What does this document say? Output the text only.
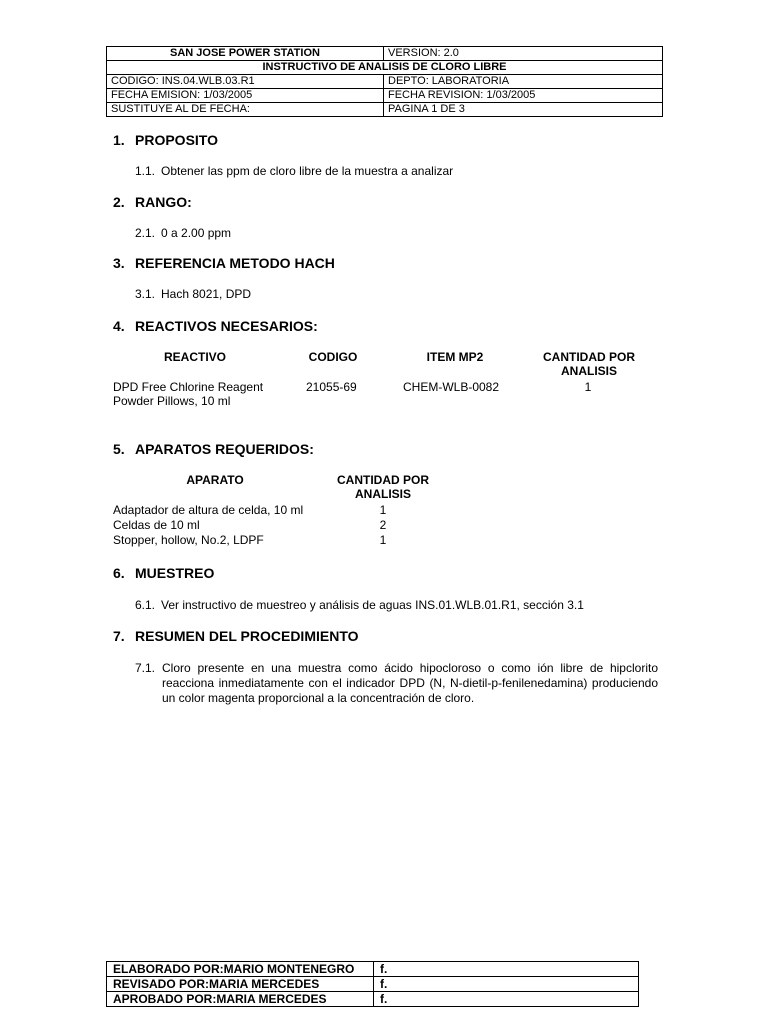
SAN JOSE POWER STATION	VERSION: 2.0
INSTRUCTIVO DE ANALISIS DE CLORO LIBRE	
CODIGO: INS.04.WLB.03.R1	DEPTO: LABORATORIA
FECHA EMISION: 1/03/2005	FECHA REVISION: 1/03/2005
SUSTITUYE AL DE FECHA:	PAGINA 1 DE 3
1. PROPOSITO
1.1. Obtener las ppm de cloro libre de la muestra a analizar
2. RANGO:
2.1. 0 a 2.00 ppm
3. REFERENCIA METODO HACH
3.1. Hach 8021, DPD
4. REACTIVOS NECESARIOS:
REACTIVO	CODIGO	ITEM MP2	CANTIDAD POR
ANALISIS
DPD Free Chlorine Reagent
Powder Pillows, 10 ml
21055-69	CHEM-WLB-0082	1
5. APARATOS REQUERIDOS:
APARATO	CANTIDAD POR
ANALISIS
Adaptador de altura de celda, 10 ml	1
Celdas de 10 ml	2
Stopper, hollow, No.2, LDPF	1
6. MUESTREO
6.1. Ver instructivo de muestreo y análisis de aguas INS.01.WLB.01.R1, sección 3.1
7. RESUMEN DEL PROCEDIMIENTO
7.1. Cloro presente en una muestra como ácido hipocloroso o como ión libre de hipclorito reacciona inmediatamente con el indicador DPD (N, N-dietil-p-fenilenedamina) produciendo un color magenta proporcional a la concentración de cloro.
ELABORADO POR:MARIO MONTENEGRO	f.
REVISADO POR:MARIA MERCEDES	f.
APROBADO POR:MARIA MERCEDES	f.
